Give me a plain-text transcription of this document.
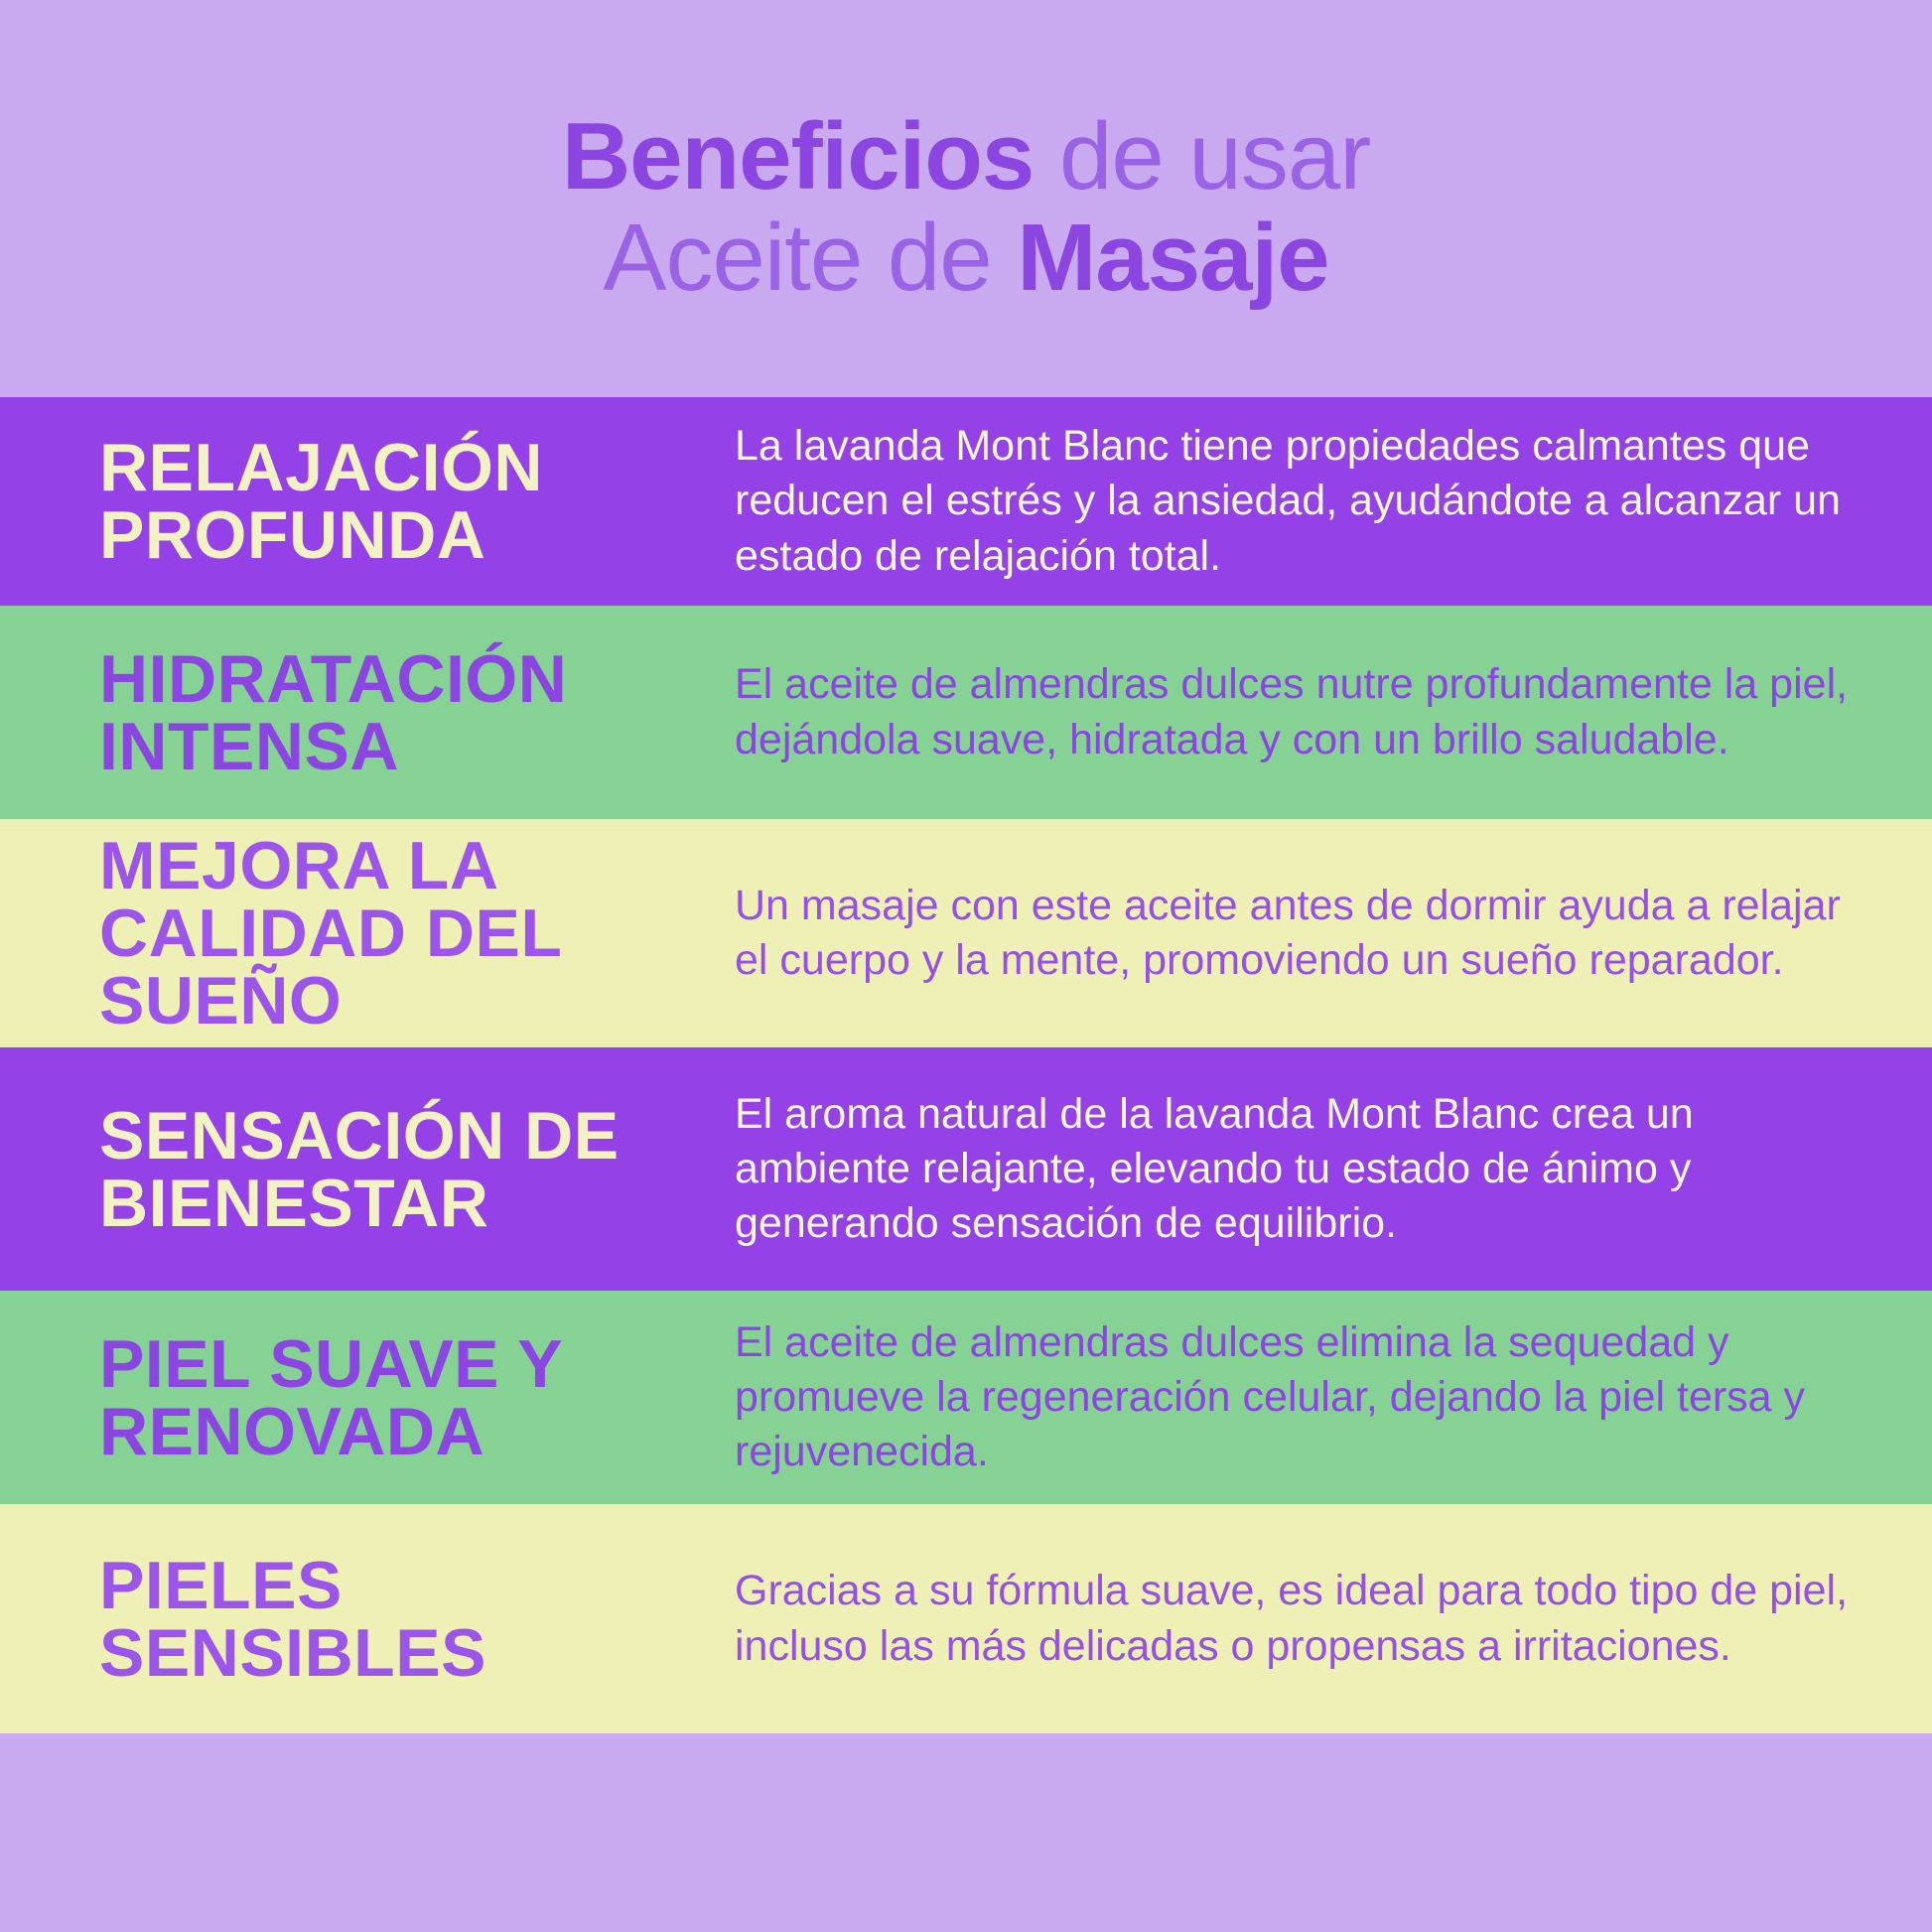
Beneficios de usar
Aceite de Masaje
RELAJACIÓN PROFUNDA
La lavanda Mont Blanc tiene propiedades calmantes que reducen el estrés y la ansiedad, ayudándote a alcanzar un estado de relajación total.
HIDRATACIÓN INTENSA
El aceite de almendras dulces nutre profundamente la piel, dejándola suave, hidratada y con un brillo saludable.
MEJORA LA CALIDAD DEL SUEÑO
Un masaje con este aceite antes de dormir ayuda a relajar el cuerpo y la mente, promoviendo un sueño reparador.
SENSACIÓN DE BIENESTAR
El aroma natural de la lavanda Mont Blanc crea un ambiente relajante, elevando tu estado de ánimo y generando sensación de equilibrio.
PIEL SUAVE Y RENOVADA
El aceite de almendras dulces elimina la sequedad y promueve la regeneración celular, dejando la piel tersa y rejuvenecida.
PIELES SENSIBLES
Gracias a su fórmula suave, es ideal para todo tipo de piel, incluso las más delicadas o propensas a irritaciones.
